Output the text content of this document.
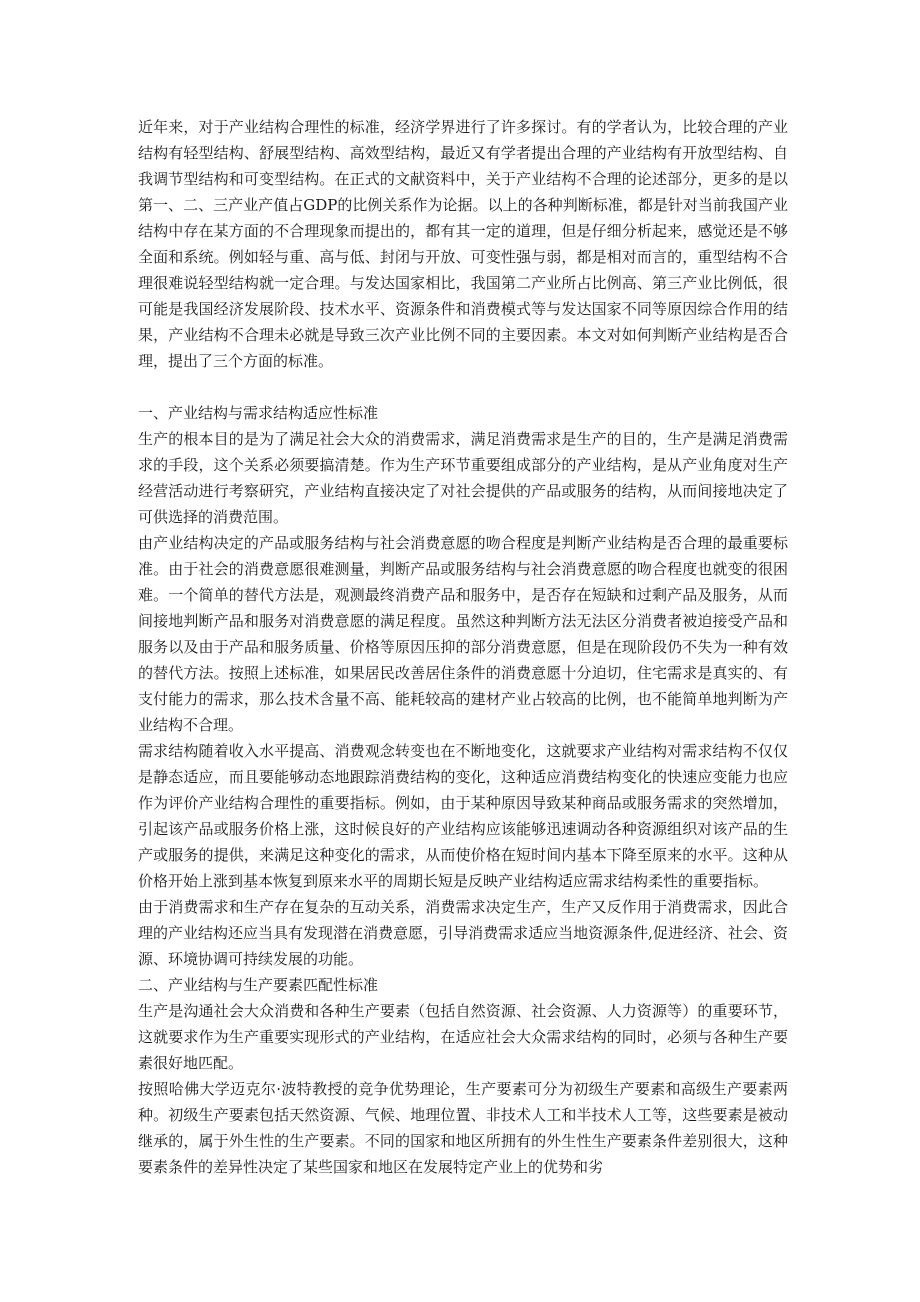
近年来，对于产业结构合理性的标准，经济学界进行了许多探讨。有的学者认为，比较合理的产业结构有轻型结构、舒展型结构、高效型结构，最近又有学者提出合理的产业结构有开放型结构、自我调节型结构和可变型结构。在正式的文献资料中，关于产业结构不合理的论述部分，更多的是以第一、二、三产业产值占GDP的比例关系作为论据。以上的各种判断标准，都是针对当前我国产业结构中存在某方面的不合理现象而提出的，都有其一定的道理，但是仔细分析起来，感觉还是不够全面和系统。例如轻与重、高与低、封闭与开放、可变性强与弱，都是相对而言的，重型结构不合理很难说轻型结构就一定合理。与发达国家相比，我国第二产业所占比例高、第三产业比例低，很可能是我国经济发展阶段、技术水平、资源条件和消费模式等与发达国家不同等原因综合作用的结果，产业结构不合理未必就是导致三次产业比例不同的主要因素。本文对如何判断产业结构是否合理，提出了三个方面的标准。

一、产业结构与需求结构适应性标准

生产的根本目的是为了满足社会大众的消费需求，满足消费需求是生产的目的，生产是满足消费需求的手段，这个关系必须要搞清楚。作为生产环节重要组成部分的产业结构，是从产业角度对生产经营活动进行考察研究，产业结构直接决定了对社会提供的产品或服务的结构，从而间接地决定了可供选择的消费范围。

由产业结构决定的产品或服务结构与社会消费意愿的吻合程度是判断产业结构是否合理的最重要标准。由于社会的消费意愿很难测量，判断产品或服务结构与社会消费意愿的吻合程度也就变的很困难。一个简单的替代方法是，观测最终消费产品和服务中，是否存在短缺和过剩产品及服务，从而间接地判断产品和服务对消费意愿的满足程度。虽然这种判断方法无法区分消费者被迫接受产品和服务以及由于产品和服务质量、价格等原因压抑的部分消费意愿，但是在现阶段仍不失为一种有效的替代方法。按照上述标准，如果居民改善居住条件的消费意愿十分迫切，住宅需求是真实的、有支付能力的需求，那么技术含量不高、能耗较高的建材产业占较高的比例，也不能简单地判断为产业结构不合理。

需求结构随着收入水平提高、消费观念转变也在不断地变化，这就要求产业结构对需求结构不仅仅是静态适应，而且要能够动态地跟踪消费结构的变化，这种适应消费结构变化的快速应变能力也应作为评价产业结构合理性的重要指标。例如，由于某种原因导致某种商品或服务需求的突然增加，引起该产品或服务价格上涨，这时候良好的产业结构应该能够迅速调动各种资源组织对该产品的生产或服务的提供，来满足这种变化的需求，从而使价格在短时间内基本下降至原来的水平。这种从价格开始上涨到基本恢复到原来水平的周期长短是反映产业结构适应需求结构柔性的重要指标。

由于消费需求和生产存在复杂的互动关系，消费需求决定生产，生产又反作用于消费需求，因此合理的产业结构还应当具有发现潜在消费意愿，引导消费需求适应当地资源条件,促进经济、社会、资源、环境协调可持续发展的功能。

二、产业结构与生产要素匹配性标准

生产是沟通社会大众消费和各种生产要素（包括自然资源、社会资源、人力资源等）的重要环节，这就要求作为生产重要实现形式的产业结构，在适应社会大众需求结构的同时，必须与各种生产要素很好地匹配。

按照哈佛大学迈克尔·波特教授的竞争优势理论，生产要素可分为初级生产要素和高级生产要素两种。初级生产要素包括天然资源、气候、地理位置、非技术人工和半技术人工等，这些要素是被动继承的，属于外生性的生产要素。不同的国家和地区所拥有的外生性生产要素条件差别很大，这种要素条件的差异性决定了某些国家和地区在发展特定产业上的优势和劣
